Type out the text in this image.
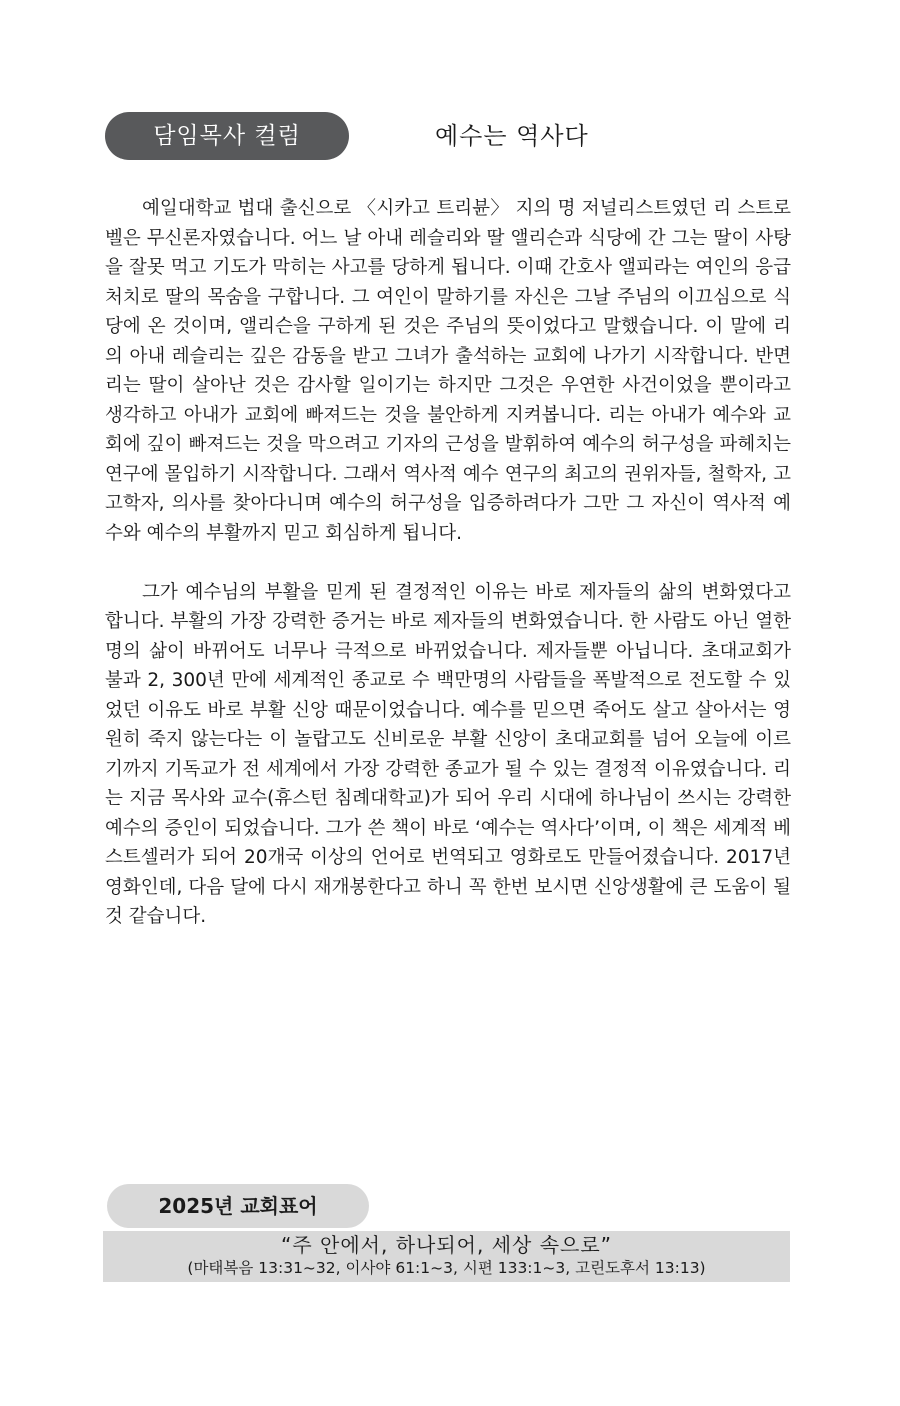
담임목사 컬럼	예수는 역사다

예일대학교 법대 출신으로 〈시카고 트리뷴〉 지의 명 저널리스트였던 리 스트로벨은 무신론자였습니다. 어느 날 아내 레슬리와 딸 앨리슨과 식당에 간 그는 딸이 사탕을 잘못 먹고 기도가 막히는 사고를 당하게 됩니다. 이때 간호사 앨피라는 여인의 응급 처치로 딸의 목숨을 구합니다. 그 여인이 말하기를 자신은 그날 주님의 이끄심으로 식당에 온 것이며, 앨리슨을 구하게 된 것은 주님의 뜻이었다고 말했습니다. 이 말에 리의 아내 레슬리는 깊은 감동을 받고 그녀가 출석하는 교회에 나가기 시작합니다. 반면 리는 딸이 살아난 것은 감사할 일이기는 하지만 그것은 우연한 사건이었을 뿐이라고 생각하고 아내가 교회에 빠져드는 것을 불안하게 지켜봅니다. 리는 아내가 예수와 교회에 깊이 빠져드는 것을 막으려고 기자의 근성을 발휘하여 예수의 허구성을 파헤치는 연구에 몰입하기 시작합니다. 그래서 역사적 예수 연구의 최고의 권위자들, 철학자, 고고학자, 의사를 찾아다니며 예수의 허구성을 입증하려다가 그만 그 자신이 역사적 예수와 예수의 부활까지 믿고 회심하게 됩니다.

그가 예수님의 부활을 믿게 된 결정적인 이유는 바로 제자들의 삶의 변화였다고 합니다. 부활의 가장 강력한 증거는 바로 제자들의 변화였습니다. 한 사람도 아닌 열한 명의 삶이 바뀌어도 너무나 극적으로 바뀌었습니다. 제자들뿐 아닙니다. 초대교회가 불과 2, 300년 만에 세계적인 종교로 수 백만명의 사람들을 폭발적으로 전도할 수 있었던 이유도 바로 부활 신앙 때문이었습니다. 예수를 믿으면 죽어도 살고 살아서는 영원히 죽지 않는다는 이 놀랍고도 신비로운 부활 신앙이 초대교회를 넘어 오늘에 이르기까지 기독교가 전 세계에서 가장 강력한 종교가 될 수 있는 결정적 이유였습니다. 리는 지금 목사와 교수(휴스턴 침례대학교)가 되어 우리 시대에 하나님이 쓰시는 강력한 예수의 증인이 되었습니다. 그가 쓴 책이 바로 ‘예수는 역사다’이며, 이 책은 세계적 베스트셀러가 되어 20개국 이상의 언어로 번역되고 영화로도 만들어졌습니다. 2017년 영화인데, 다음 달에 다시 재개봉한다고 하니 꼭 한번 보시면 신앙생활에 큰 도움이 될 것 같습니다.

2025년 교회표어
“주 안에서, 하나되어, 세상 속으로”
(마태복음 13:31~32, 이사야 61:1~3, 시편 133:1~3, 고린도후서 13:13)
